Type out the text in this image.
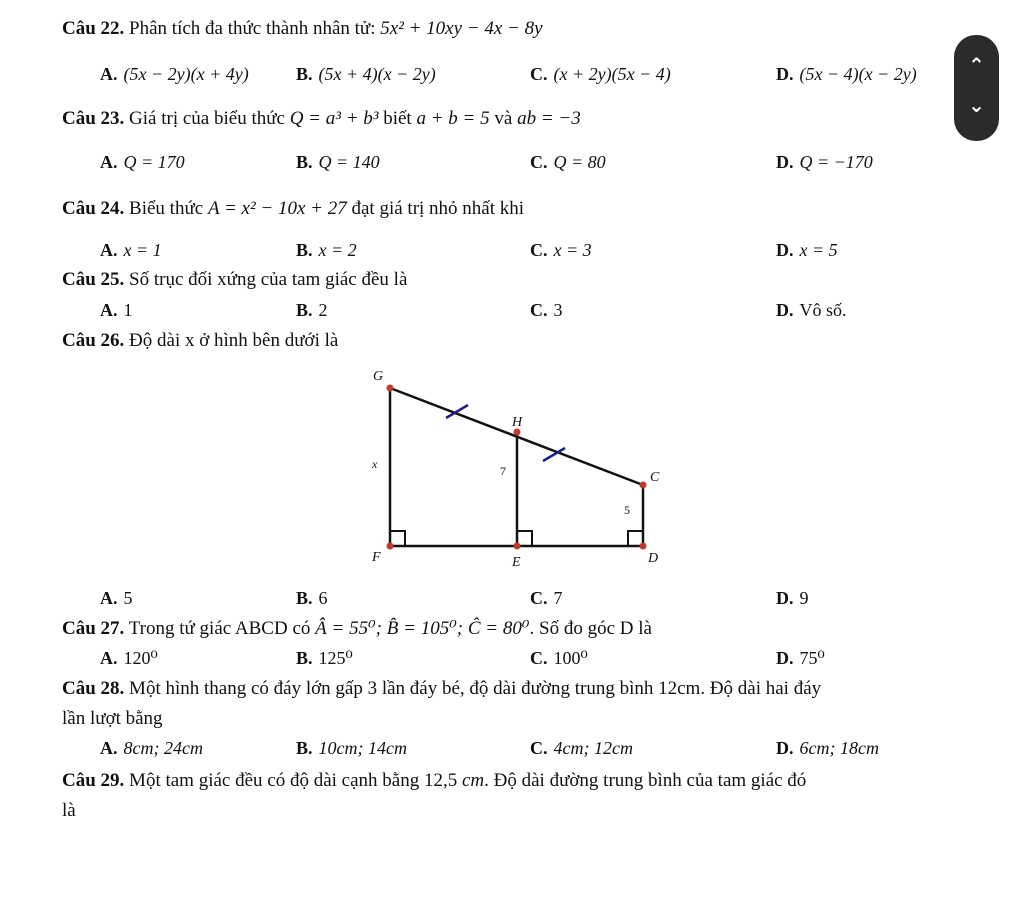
Câu 22. Phân tích đa thức thành nhân tử: 5x² + 10xy − 4x − 8y
A. (5x − 2y)(x + 4y)	B. (5x + 4)(x − 2y)	C. (x + 2y)(5x − 4)	D. (5x − 4)(x − 2y)
Câu 23. Giá trị của biểu thức Q = a³ + b³ biết a + b = 5 và ab = −3
A. Q = 170	B. Q = 140	C. Q = 80	D. Q = −170
Câu 24. Biểu thức A = x² − 10x + 27 đạt giá trị nhỏ nhất khi
A. x = 1	B. x = 2	C. x = 3	D. x = 5
Câu 25. Số trục đối xứng của tam giác đều là
A. 1	B. 2	C. 3	D. Vô số.
Câu 26. Độ dài x ở hình bên dưới là
G
H
C
F	E	D
x	7
5
A. 5	B. 6	C. 7	D. 9
Câu 27. Trong tứ giác ABCD có Â = 55⁰; B̂ = 105⁰; Ĉ = 80⁰. Số đo góc D là
A. 120⁰	B. 125⁰	C. 100⁰	D. 75⁰
Câu 28. Một hình thang có đáy lớn gấp 3 lần đáy bé, độ dài đường trung bình 12cm. Độ dài hai đáy
lần lượt bằng
A. 8cm; 24cm	B. 10cm; 14cm	C. 4cm; 12cm	D. 6cm; 18cm
Câu 29. Một tam giác đều có độ dài cạnh bằng 12,5 cm. Độ dài đường trung bình của tam giác đó
là
⌃
⌄
